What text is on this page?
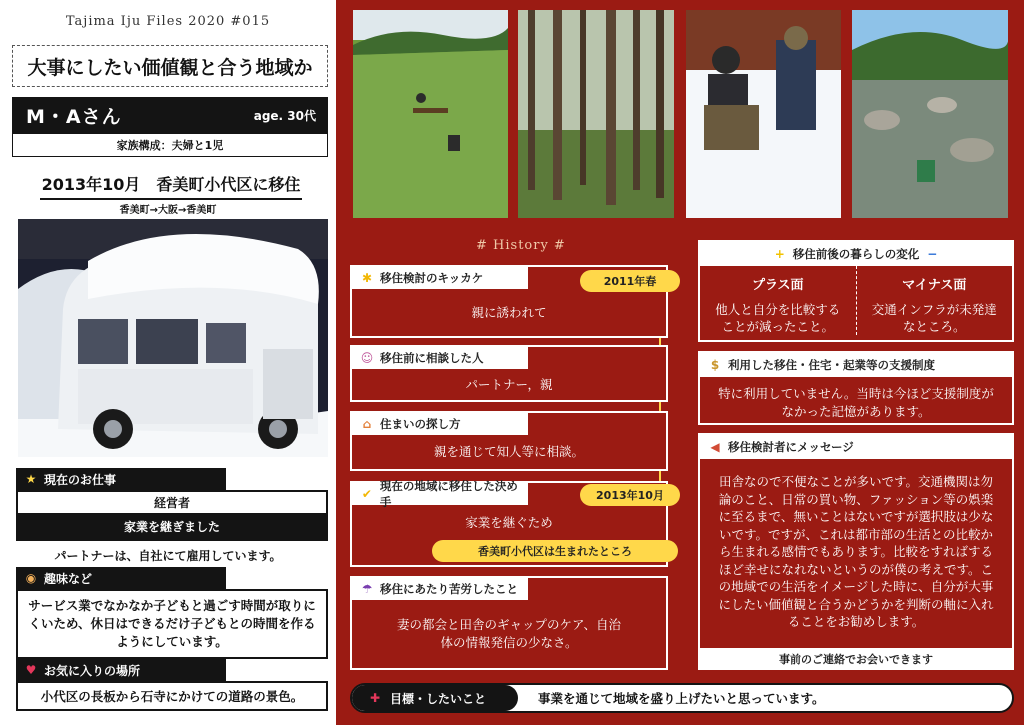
Tajima Iju Files 2020 #015
大事にしたい価値観と合う地域か
M・Aさん	age. 30代
家族構成：夫婦と1児
2013年10月　香美町小代区に移住
香美町→大阪→香美町
★ 現在のお仕事
経営者
家業を継ぎました
パートナーは、自社にて雇用しています。
◉ 趣味など
サービス業でなかなか子どもと過ごす時間が取りにくいため、休日はできるだけ子どもとの時間を作るようにしています。
♥ お気に入りの場所
小代区の長板から石寺にかけての道路の景色。
# History #
✱ 移住検討のキッカケ
親に誘われて
2011年春
☺ 移住前に相談した人
パートナー，親
⌂ 住まいの探し方
親を通じて知人等に相談。
✔
現在の地域に移住した決め手
家業を継ぐため
2013年10月
香美町小代区は生まれたところ
☂ 移住にあたり苦労したこと
妻の都会と田舎のギャップのケア、自治体の情報発信の少なさ。
+ 移住前後の暮らしの変化 −
プラス面
他人と自分を比較することが減ったこと。
マイナス面
交通インフラが未発達なところ。
$ 利用した移住・住宅・起業等の支援制度
特に利用していません。当時は今ほど支援制度がなかった記憶があります。
◀ 移住検討者にメッセージ
田舎なので不便なことが多いです。交通機関は勿論のこと、日常の買い物、ファッション等の娯楽に至るまで、無いことはないですが選択肢は少ないです。ですが、これは都市部の生活との比較から生まれる感情でもあります。比較をすればするほど幸せになれないというのが僕の考えです。この地域での生活をイメージした時に、自分が大事にしたい価値観と合うかどうかを判断の軸に入れることをお勧めします。
事前のご連絡でお会いできます
✚ 目標・したいこと	事業を通じて地域を盛り上げたいと思っています。
